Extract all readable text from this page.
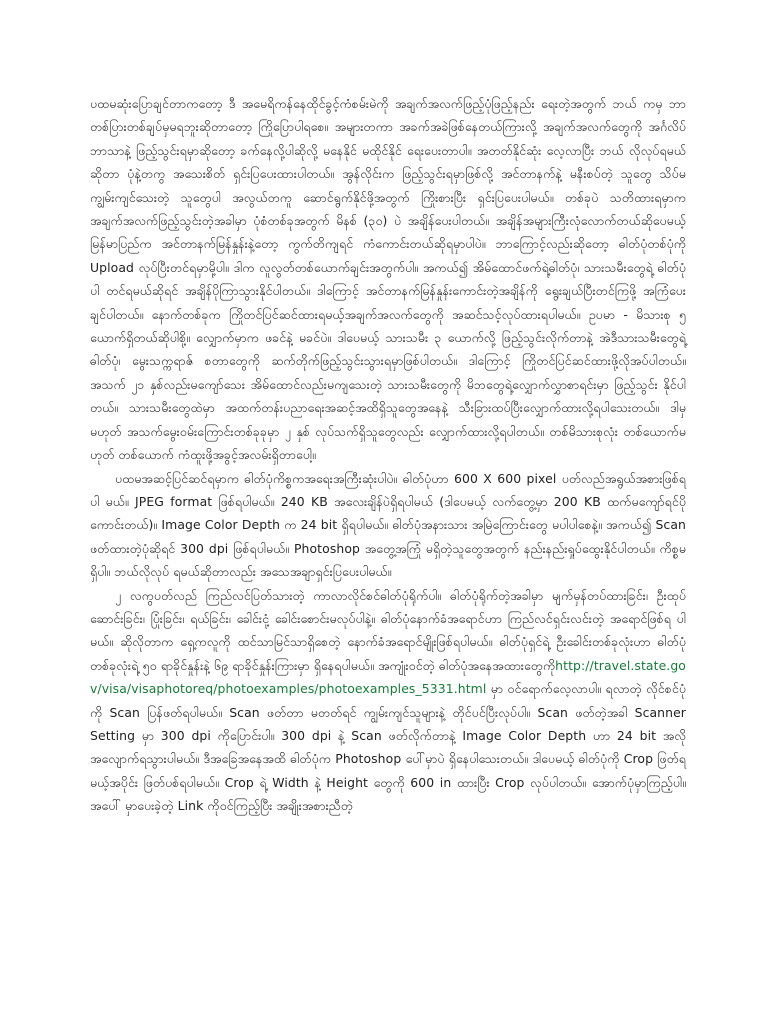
ပထမဆုံးပြောချင်တာကတော့ ဒီ အမေရိကန်နေထိုင်ခွင့်ကံစမ်းမဲကို အချက်အလက်ဖြည့်ပုံဖြည့်နည်း ရေးတဲ့အတွက် ဘယ် ကမှ ဘာတစ်ပြားတစ်ချပ်မှမရဘူးဆိုတာတော့ ကြိုပြောပါရစေ။ အများတကာ အခက်အခဲဖြစ်နေတယ်ကြားလို့ အချက်အလက်တွေကို အင်္ဂလိပ်ဘာသာနဲ့ ဖြည့်သွင်းရမှာဆိုတော့ ခက်နေလို့ပါဆိုလို့ မနေနိုင် မထိုင်နိုင် ရေးပေးတာပါ။ အတတ်နိုင်ဆုံး လေ့လာပြီး ဘယ် လိုလုပ်ရမယ်ဆိုတာ ပုံနဲ့တကွ အသေးစိတ် ရှင်းပြပေးထားပါတယ်။ အွန်လိုင်းက ဖြည့်သွင်းရမှာဖြစ်လို့ အင်တာနက်နဲ့ မနီးစပ်တဲ့ သူတွေ သိပ်မကျွမ်းကျင်သေးတဲ့ သူတွေပါ အလွယ်တကူ ဆောင်ရွက်နိုင်ဖို့အတွက် ကြိုးစားပြီး ရှင်းပြပေးပါမယ်။ တစ်ခုပဲ သတိထားရမှာက အချက်အလက်ဖြည့်သွင်းတဲ့အခါမှာ ပုံစံတစ်ခုအတွက် မိနစ် (၃၀) ပဲ အချိန်ပေးပါတယ်။ အချိန်အများကြီးလုံလောက်တယ်ဆိုပေမယ့် မြန်မာပြည်က အင်တာနက်မြန်နှုန်းနဲ့တော့ ကွက်တိကျရင် ကံကောင်းတယ်ဆိုရမှာပါပဲ။ ဘာကြောင့်လည်းဆိုတော့ ဓါတ်ပုံတစ်ပုံကို Upload လုပ်ပြီးတင်ရမှာမို့ပါ။ ဒါက လူလွတ်တစ်ယောက်ချင်းအတွက်ပါ။ အကယ်၍ အိမ်ထောင်ဖက်ရဲ့ဓါတ်ပုံ၊ သားသမီးတွေရဲ့ ဓါတ်ပုံပါ တင်ရမယ်ဆိုရင် အချိန်ပိုကြာသွားနိုင်ပါတယ်။ ဒါကြောင့် အင်တာနက်မြန်နှုန်းကောင်းတဲ့အချိန်ကို ရွေးချယ်ပြီးတင်ကြဖို့ အကြံပေး ချင်ပါတယ်။ နောက်တစ်ခုက ကြိုတင်ပြင်ဆင်ထားရမယ့်အချက်အလက်တွေကို အဆင်သင့်လုပ်ထားရပါမယ်။ ဥပမာ - မိသားစု ၅ ယောက်ရှိတယ်ဆိုပါစို့။ လျှောက်မှာက ဖခင်နဲ့ မခင်ပဲ။ ဒါပေမယ့် သားသမီး ၃ ယောက်လို့ ဖြည့်သွင်းလိုက်တာနဲ့ အဲဒီသားသမီးတွေရဲ့ ဓါတ်ပုံ၊ မွေးသက္ကရာဇ် စတာတွေကို ဆက်တိုက်ဖြည့်သွင်းသွားရမှာဖြစ်ပါတယ်။ ဒါကြောင့် ကြိုတင်ပြင်ဆင်ထားဖို့လိုအပ်ပါတယ်။ အသက် ၂၁ နှစ်လည်းမကျော်သေး အိမ်ထောင်လည်းမကျသေးတဲ့ သားသမီးတွေကို မိဘတွေရဲ့လျှောက်လွှာစာရင်းမှာ ဖြည့်သွင်း နိုင်ပါတယ်။ သားသမီးတွေထဲမှာ အထက်တန်းပညာရေးအဆင့်အထိရှိသူတွေအနေနဲ့ သီးခြားထပ်ပြီးလျှောက်ထားလို့ရပါသေးတယ်။ ဒါမှမဟုတ် အသက်မွေးဝမ်းကြောင်းတစ်ခုခုမှာ ၂ နှစ် လုပ်သက်ရှိသူတွေလည်း လျှောက်ထားလို့ရပါတယ်။ တစ်မိသားစုလုံး တစ်ယောက်မဟုတ် တစ်ယောက် ကံထူးဖို့အခွင့်အလမ်းရှိတာပေါ့။

ပထမအဆင့်ပြင်ဆင်ရမှာက ဓါတ်ပုံကိစ္စကအရေးအကြီးဆုံးပါပဲ။ ဓါတ်ပုံဟာ 600 X 600 pixel ပတ်လည်အရွယ်အစားဖြစ်ရပါ မယ်။ JPEG format ဖြစ်ရပါမယ်။ 240 KB အလေးချိန်ပဲရှိရပါမယ် (ဒါပေမယ့် လက်တွေ့မှာ 200 KB ထက်မကျော်ရင်ပို ကောင်းတယ်)။ Image Color Depth က 24 bit ရှိရပါမယ်။ ဓါတ်ပုံအနားသား အမြဲကြောင်းတွေ မပါပါစေနဲ့။ အကယ်၍ Scan ဖတ်ထားတဲ့ပုံဆိုရင် 300 dpi ဖြစ်ရပါမယ်။ Photoshop အတွေ့အကြုံ မရှိတဲ့သူတွေအတွက် နည်းနည်းရှုပ်ထွေးနိုင်ပါတယ်။ ကိစ္စမရှိပါ။ ဘယ်လိုလုပ် ရမယ်ဆိုတာလည်း အသေအချာရှင်းပြပေးပါမယ်။

၂ လကွပတ်လည် ကြည်လင်ပြတ်သားတဲ့ ကာလာလိုင်စင်ဓါတ်ပုံရိုက်ပါ။ ဓါတ်ပုံရိုက်တဲ့အခါမှာ မျက်မှန်တပ်ထားခြင်း၊ ဦးထုပ် ဆောင်းခြင်း၊ ပြုံးခြင်း၊ ရယ်ခြင်း၊ ခေါင်းငုံ့ ခေါင်းစောင်းမလုပ်ပါနဲ့။ ဓါတ်ပုံနောက်ခံအရောင်ဟာ ကြည်လင်ရှင်းလင်းတဲ့ အရောင်ဖြစ်ရ ပါမယ်။ ဆိုလိုတာက ရှေ့ကလူကို ထင်သာမြင်သာရှိစေတဲ့ နောက်ခံအရောင်မျိုးဖြစ်ရပါမယ်။ ဓါတ်ပုံရှင်ရဲ့ ဦးခေါင်းတစ်ခုလုံးဟာ ဓါတ်ပုံ တစ်ခုလုံးရဲ့ ၅၀ ရာခိုင်နှုန်းနဲ့ ၆၉ ရာခိုင်နှုန်းကြားမှာ ရှိနေရပါမယ်။ အကျုံးဝင်တဲ့ ဓါတ်ပုံအနေအထားတွေကိုhttp://travel.state.gov/visa/visaphotoreq/photoexamples/photoexamples_5331.html မှာ ဝင်ရောက်လေ့လာပါ။ ရလာတဲ့ လိုင်စင်ပုံကို Scan ပြန်ဖတ်ရပါမယ်။ Scan ဖတ်တာ မတတ်ရင် ကျွမ်းကျင်သူများနဲ့ တိုင်ပင်ပြီးလုပ်ပါ။ Scan ဖတ်တဲ့အခါ Scanner Setting မှာ 300 dpi ကိုပြောင်းပါ။ 300 dpi နဲ့ Scan ဖတ်လိုက်တာနဲ့ Image Color Depth ဟာ 24 bit အလို အလျောက်ရသွားပါမယ်။ ဒီအခြေအနေအထိ ဓါတ်ပုံက Photoshop ပေါ်မှာပဲ ရှိနေပါသေးတယ်။ ဒါပေမယ့် ဓါတ်ပုံကို Crop ဖြတ်ရ မယ့်အပိုင်း ဖြတ်ပစ်ရပါမယ်။ Crop ရဲ့ Width နဲ့ Height တွေကို 600 in ထားပြီး Crop လုပ်ပါတယ်။ အောက်ပုံမှာကြည့်ပါ။ အပေါ် မှာပေးခဲ့တဲ့ Link ကိုဝင်ကြည့်ပြီး အချိုးအစားညီတဲ့
